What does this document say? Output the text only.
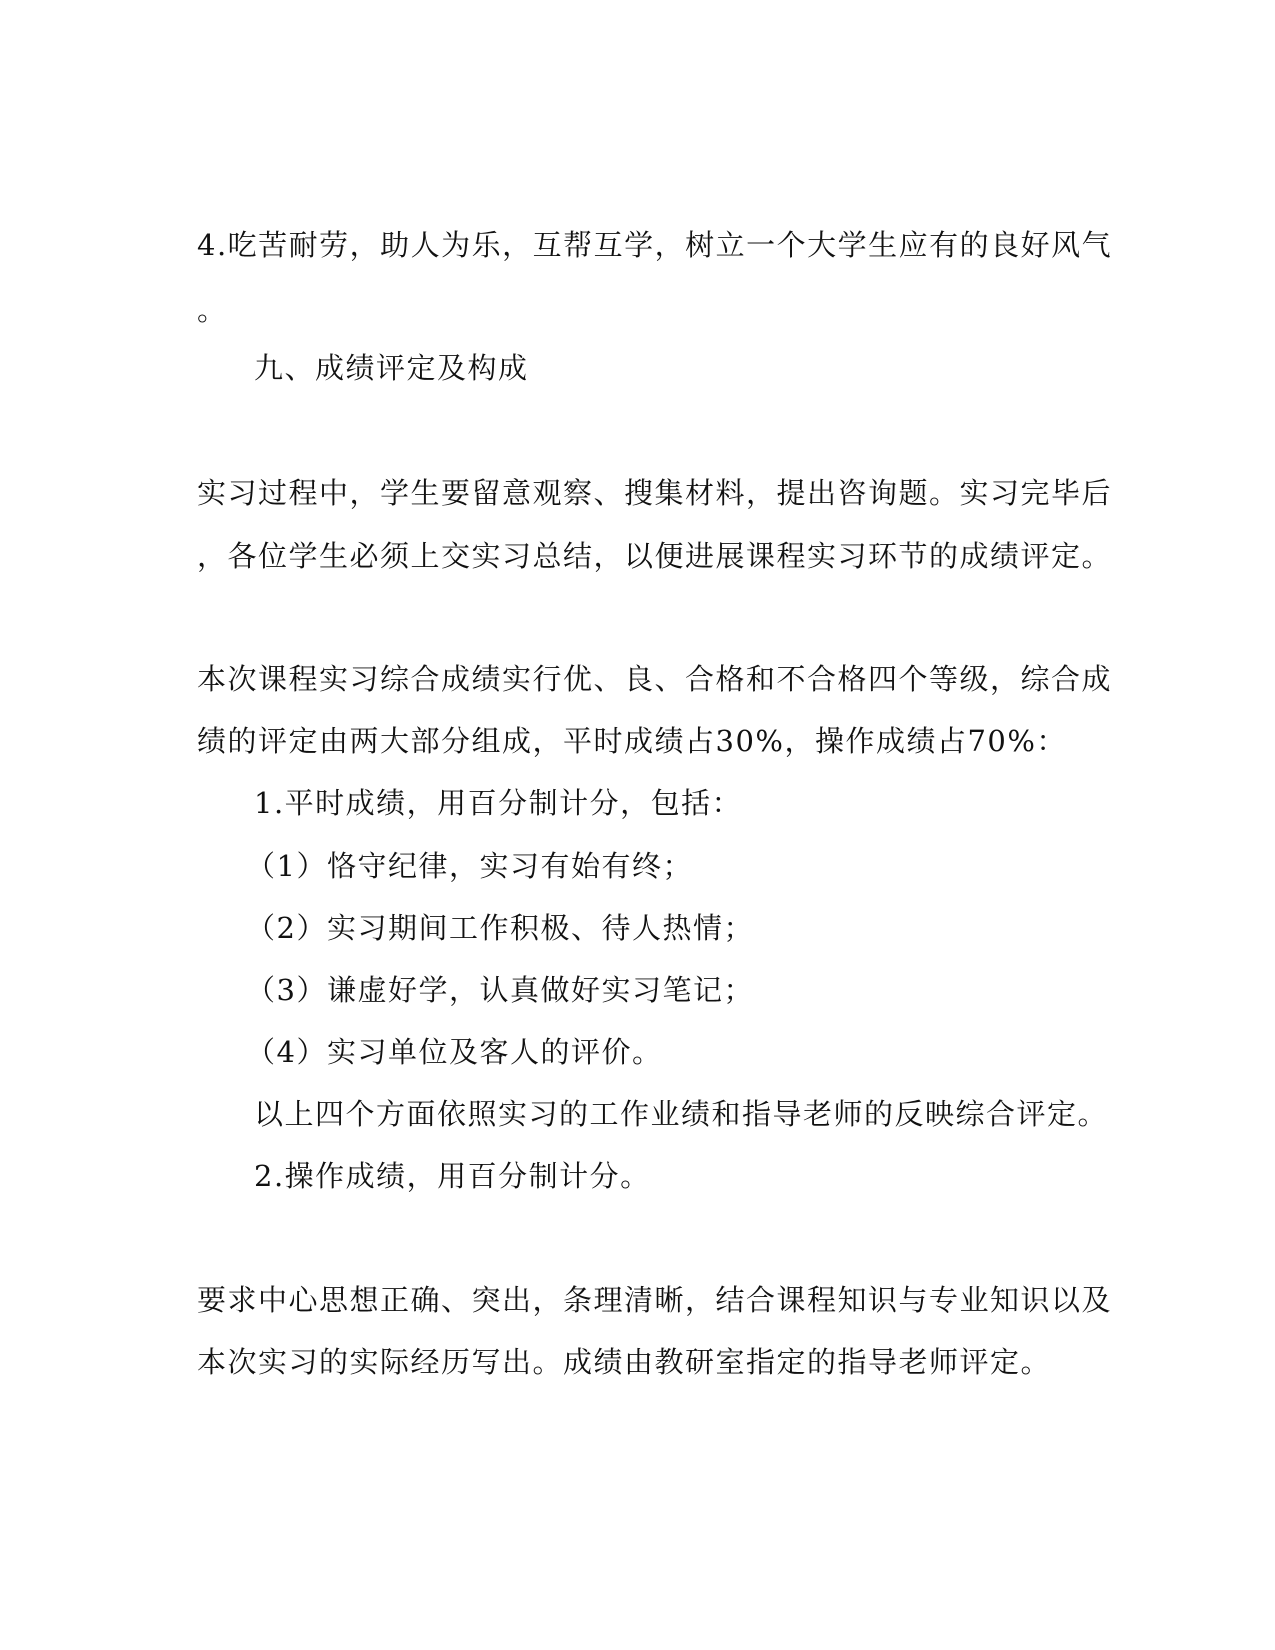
4.吃苦耐劳，助人为乐，互帮互学，树立一个大学生应有的良好风气
。
九、成绩评定及构成
实习过程中，学生要留意观察、搜集材料，提出咨询题。实习完毕后
，各位学生必须上交实习总结，以便进展课程实习环节的成绩评定。
本次课程实习综合成绩实行优、良、合格和不合格四个等级，综合成
绩的评定由两大部分组成，平时成绩占30%，操作成绩占70%：
1.平时成绩，用百分制计分，包括：
（1）恪守纪律，实习有始有终；
（2）实习期间工作积极、待人热情；
（3）谦虚好学，认真做好实习笔记；
（4）实习单位及客人的评价。
以上四个方面依照实习的工作业绩和指导老师的反映综合评定。
2.操作成绩，用百分制计分。
要求中心思想正确、突出，条理清晰，结合课程知识与专业知识以及
本次实习的实际经历写出。成绩由教研室指定的指导老师评定。
